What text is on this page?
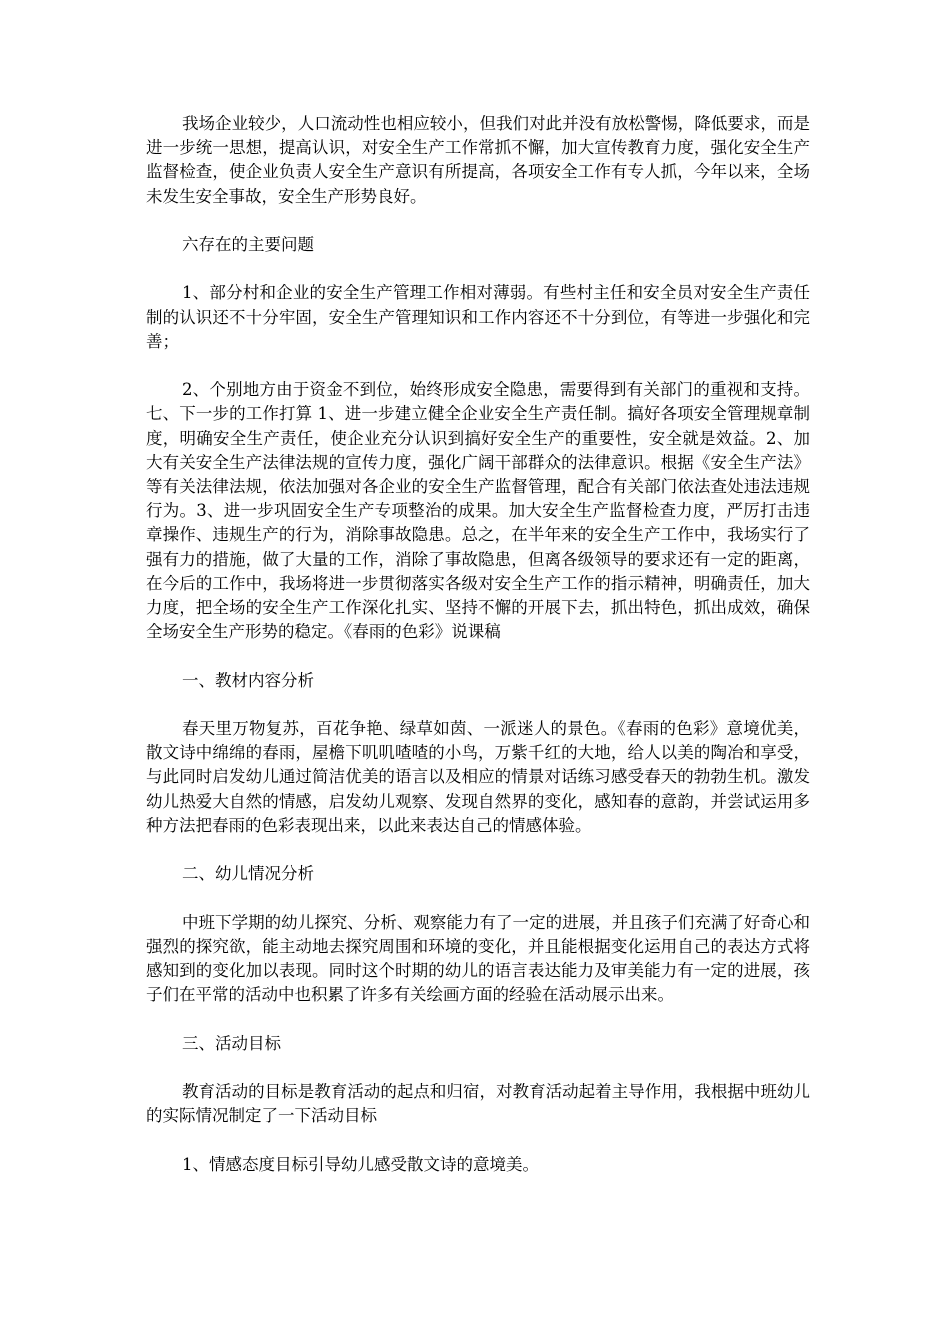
我场企业较少，人口流动性也相应较小，但我们对此并没有放松警惕，降低要求，而是进一步统一思想，提高认识，对安全生产工作常抓不懈，加大宣传教育力度，强化安全生产监督检查，使企业负责人安全生产意识有所提高，各项安全工作有专人抓，今年以来，全场未发生安全事故，安全生产形势良好。

六存在的主要问题

1、部分村和企业的安全生产管理工作相对薄弱。有些村主任和安全员对安全生产责任制的认识还不十分牢固，安全生产管理知识和工作内容还不十分到位，有等进一步强化和完善；

2、个别地方由于资金不到位，始终形成安全隐患，需要得到有关部门的重视和支持。 七、下一步的工作打算 1、进一步建立健全企业安全生产责任制。搞好各项安全管理规章制度，明确安全生产责任，使企业充分认识到搞好安全生产的重要性，安全就是效益。2、加大有关安全生产法律法规的宣传力度，强化广阔干部群众的法律意识。根据《安全生产法》等有关法律法规，依法加强对各企业的安全生产监督管理，配合有关部门依法查处违法违规行为。3、进一步巩固安全生产专项整治的成果。加大安全生产监督检查力度，严厉打击违章操作、违规生产的行为，消除事故隐患。总之，在半年来的安全生产工作中，我场实行了强有力的措施，做了大量的工作，消除了事故隐患，但离各级领导的要求还有一定的距离，在今后的工作中，我场将进一步贯彻落实各级对安全生产工作的指示精神，明确责任，加大力度，把全场的安全生产工作深化扎实、坚持不懈的开展下去，抓出特色，抓出成效，确保全场安全生产形势的稳定。《春雨的色彩》说课稿

一、教材内容分析

春天里万物复苏，百花争艳、绿草如茵、一派迷人的景色。《春雨的色彩》意境优美，散文诗中绵绵的春雨，屋檐下叽叽喳喳的小鸟，万紫千红的大地，给人以美的陶冶和享受，与此同时启发幼儿通过简洁优美的语言以及相应的情景对话练习感受春天的勃勃生机。激发幼儿热爱大自然的情感，启发幼儿观察、发现自然界的变化，感知春的意韵，并尝试运用多种方法把春雨的色彩表现出来，以此来表达自己的情感体验。

二、幼儿情况分析

中班下学期的幼儿探究、分析、观察能力有了一定的进展，并且孩子们充满了好奇心和强烈的探究欲，能主动地去探究周围和环境的变化，并且能根据变化运用自己的表达方式将感知到的变化加以表现。同时这个时期的幼儿的语言表达能力及审美能力有一定的进展，孩子们在平常的活动中也积累了许多有关绘画方面的经验在活动展示出来。

三、活动目标

教育活动的目标是教育活动的起点和归宿，对教育活动起着主导作用，我根据中班幼儿的实际情况制定了一下活动目标

1、情感态度目标引导幼儿感受散文诗的意境美。
